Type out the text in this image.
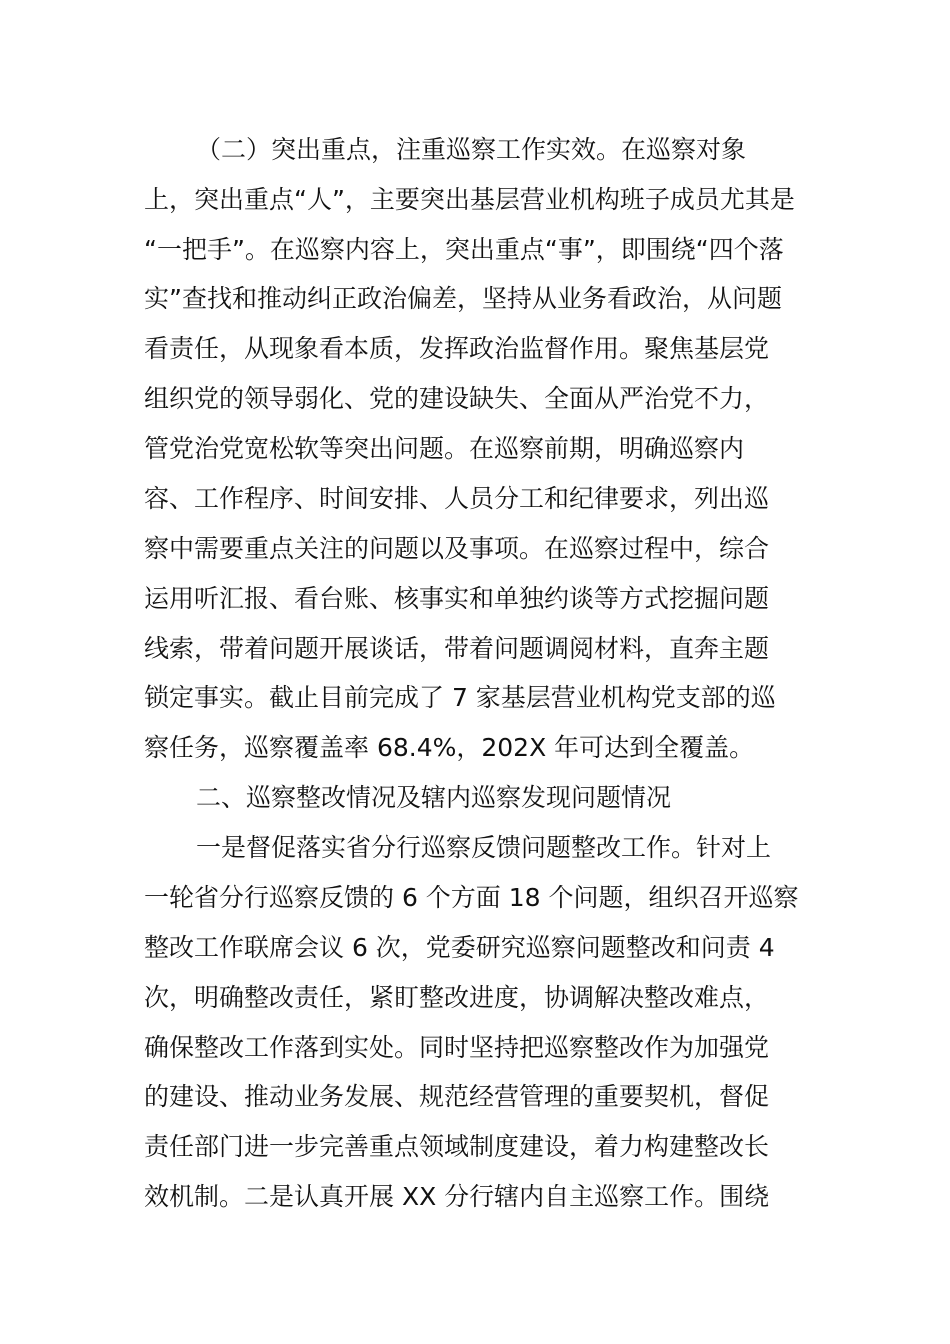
（二）突出重点，注重巡察工作实效。在巡察对象
上，突出重点“人”，主要突出基层营业机构班子成员尤其是
“一把手”。在巡察内容上，突出重点“事”，即围绕“四个落
实”查找和推动纠正政治偏差，坚持从业务看政治，从问题
看责任，从现象看本质，发挥政治监督作用。聚焦基层党
组织党的领导弱化、党的建设缺失、全面从严治党不力，
管党治党宽松软等突出问题。在巡察前期，明确巡察内
容、工作程序、时间安排、人员分工和纪律要求，列出巡
察中需要重点关注的问题以及事项。在巡察过程中，综合
运用听汇报、看台账、核事实和单独约谈等方式挖掘问题
线索，带着问题开展谈话，带着问题调阅材料，直奔主题
锁定事实。截止目前完成了 7 家基层营业机构党支部的巡
察任务，巡察覆盖率 68.4%，202X 年可达到全覆盖。
二、巡察整改情况及辖内巡察发现问题情况
一是督促落实省分行巡察反馈问题整改工作。针对上
一轮省分行巡察反馈的 6 个方面 18 个问题，组织召开巡察
整改工作联席会议 6 次，党委研究巡察问题整改和问责 4
次，明确整改责任，紧盯整改进度，协调解决整改难点，
确保整改工作落到实处。同时坚持把巡察整改作为加强党
的建设、推动业务发展、规范经营管理的重要契机，督促
责任部门进一步完善重点领域制度建设，着力构建整改长
效机制。二是认真开展 XX 分行辖内自主巡察工作。围绕
